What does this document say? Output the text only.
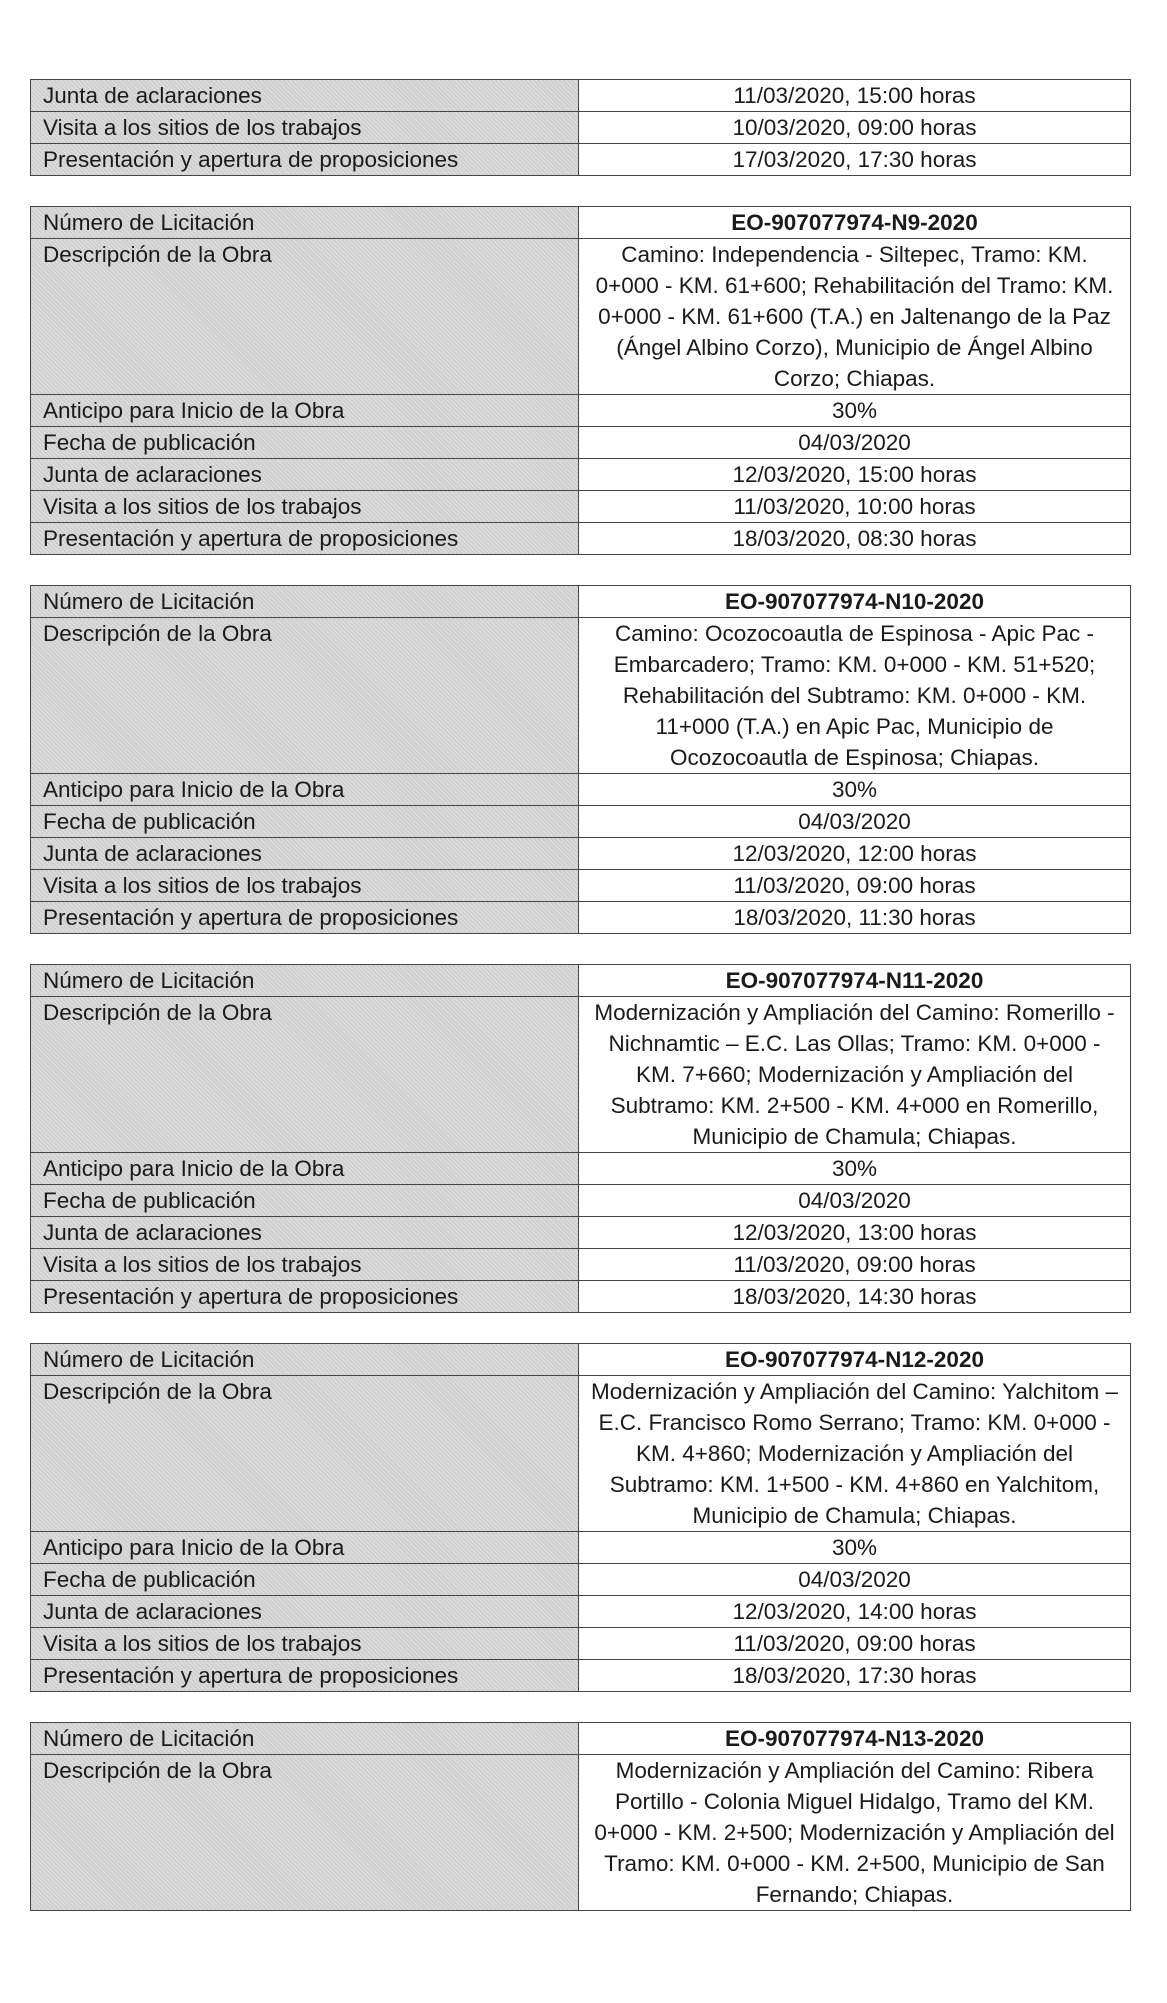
Junta de aclaraciones	11/03/2020, 15:00 horas
Visita a los sitios de los trabajos	10/03/2020, 09:00 horas
Presentación y apertura de proposiciones	17/03/2020, 17:30 horas
Número de Licitación	EO-907077974-N9-2020
Descripción de la Obra	Camino: Independencia - Siltepec, Tramo: KM. 0+000 - KM. 61+600; Rehabilitación del Tramo: KM. 0+000 - KM. 61+600 (T.A.) en Jaltenango de la Paz (Ángel Albino Corzo), Municipio de Ángel Albino Corzo; Chiapas.
Anticipo para Inicio de la Obra	30%
Fecha de publicación	04/03/2020
Junta de aclaraciones	12/03/2020, 15:00 horas
Visita a los sitios de los trabajos	11/03/2020, 10:00 horas
Presentación y apertura de proposiciones	18/03/2020, 08:30 horas
Número de Licitación	EO-907077974-N10-2020
Descripción de la Obra	Camino: Ocozocoautla de Espinosa - Apic Pac - Embarcadero; Tramo: KM. 0+000 - KM. 51+520; Rehabilitación del Subtramo: KM. 0+000 - KM. 11+000 (T.A.) en Apic Pac, Municipio de Ocozocoautla de Espinosa; Chiapas.
Anticipo para Inicio de la Obra	30%
Fecha de publicación	04/03/2020
Junta de aclaraciones	12/03/2020, 12:00 horas
Visita a los sitios de los trabajos	11/03/2020, 09:00 horas
Presentación y apertura de proposiciones	18/03/2020, 11:30 horas
Número de Licitación	EO-907077974-N11-2020
Descripción de la Obra	Modernización y Ampliación del Camino: Romerillo - Nichnamtic – E.C. Las Ollas; Tramo: KM. 0+000 - KM. 7+660; Modernización y Ampliación del Subtramo: KM. 2+500 - KM. 4+000 en Romerillo, Municipio de Chamula; Chiapas.
Anticipo para Inicio de la Obra	30%
Fecha de publicación	04/03/2020
Junta de aclaraciones	12/03/2020, 13:00 horas
Visita a los sitios de los trabajos	11/03/2020, 09:00 horas
Presentación y apertura de proposiciones	18/03/2020, 14:30 horas
Número de Licitación	EO-907077974-N12-2020
Descripción de la Obra	Modernización y Ampliación del Camino: Yalchitom – E.C. Francisco Romo Serrano; Tramo: KM. 0+000 - KM. 4+860; Modernización y Ampliación del Subtramo: KM. 1+500 - KM. 4+860 en Yalchitom, Municipio de Chamula; Chiapas.
Anticipo para Inicio de la Obra	30%
Fecha de publicación	04/03/2020
Junta de aclaraciones	12/03/2020, 14:00 horas
Visita a los sitios de los trabajos	11/03/2020, 09:00 horas
Presentación y apertura de proposiciones	18/03/2020, 17:30 horas
Número de Licitación	EO-907077974-N13-2020
Descripción de la Obra	Modernización y Ampliación del Camino: Ribera Portillo - Colonia Miguel Hidalgo, Tramo del KM. 0+000 - KM. 2+500; Modernización y Ampliación del Tramo: KM. 0+000 - KM. 2+500, Municipio de San Fernando; Chiapas.
